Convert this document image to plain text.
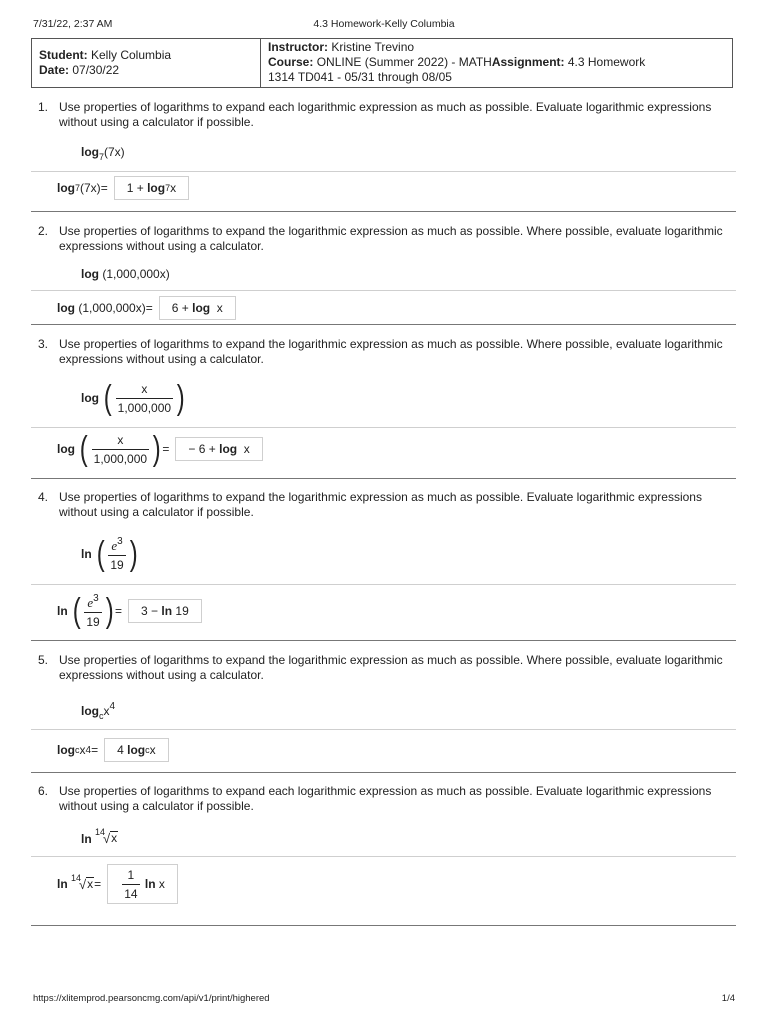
7/31/22, 2:37 AM	4.3 Homework-Kelly Columbia
Student: Kelly Columbia
Date: 07/30/22
Instructor: Kristine Trevino
Course: ONLINE (Summer 2022) - MATHAssignment: 4.3 Homework
1314 TD041 - 05/31 through 08/05
1. Use properties of logarithms to expand each logarithmic expression as much as possible. Evaluate logarithmic expressions without using a calculator if possible.
$\log_7(7x)$
log 7 (7x) = 1 +
log 7 x
2. Use properties of logarithms to expand the logarithmic expression as much as possible. Where possible, evaluate logarithmic expressions without using a calculator.
log (1,000,000x)
log
(1,000,000x) = 6 +
log
x
3. Use properties of logarithms to expand the logarithmic expression as much as possible. Where possible, evaluate logarithmic expressions without using a calculator.
log
( $\frac{x}{1,000,000}$ )
log
( $\frac{x}{1,000,000}$ ) = − 6 +
log
x
4. Use properties of logarithms to expand the logarithmic expression as much as possible. Evaluate logarithmic expressions without using a calculator if possible.
ln
( $\frac{e^3}{19}$ )
ln
( $\frac{e^3}{19}$ ) = 3 −
ln
19
5. Use properties of logarithms to expand the logarithmic expression as much as possible. Where possible, evaluate logarithmic expressions without using a calculator.
$\log_cx^4$
log c x 4 = 4
log c x
6. Use properties of logarithms to expand each logarithmic expression as much as possible. Evaluate logarithmic expressions without using a calculator if possible.
ln
14
√ x
ln
14
√ $x = \frac{1}{14}$
ln
x
https://xlitemprod.pearsoncmg.com/api/v1/print/highered	1/4
